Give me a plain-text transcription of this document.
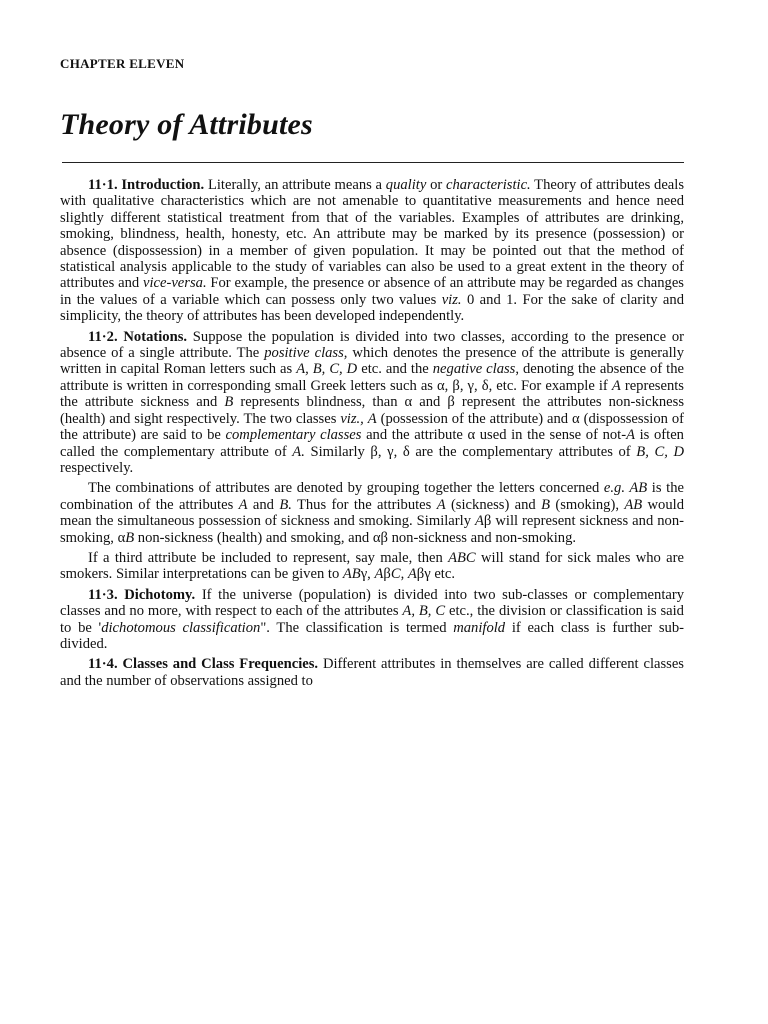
CHAPTER ELEVEN
Theory of Attributes

11·1. Introduction. Literally, an attribute means a quality or characteristic. Theory of attributes deals with qualitative characteristics which are not amenable to quantitative measurements and hence need slightly different statistical treatment from that of the variables. Examples of attributes are drinking, smoking, blindness, health, honesty, etc. An attribute may be marked by its presence (possession) or absence (dispossession) in a member of given population. It may be pointed out that the method of statistical analysis applicable to the study of variables can also be used to a great extent in the theory of attributes and vice-versa. For example, the presence or absence of an attribute may be regarded as changes in the values of a variable which can possess only two values viz. 0 and 1. For the sake of clarity and simplicity, the theory of attributes has been developed independently.

11·2. Notations. Suppose the population is divided into two classes, according to the presence or absence of a single attribute. The positive class, which denotes the presence of the attribute is generally written in capital Roman letters such as A, B, C, D etc. and the negative class, denoting the absence of the attribute is written in corresponding small Greek letters such as α, β, γ, δ, etc. For example if A represents the attribute sickness and B represents blindness, than α and β represent the attributes non-sickness (health) and sight respectively. The two classes viz., A (possession of the attribute) and α (dispossession of the attribute) are said to be complementary classes and the attribute α used in the sense of not-A is often called the complementary attribute of A. Similarly β, γ, δ are the complementary attributes of B, C, D respectively.

The combinations of attributes are denoted by grouping together the letters concerned e.g. AB is the combination of the attributes A and B. Thus for the attributes A (sickness) and B (smoking), AB would mean the simultaneous possession of sickness and smoking. Similarly Aβ will represent sickness and non-smoking, αB non-sickness (health) and smoking, and αβ non-sickness and non-smoking.

If a third attribute be included to represent, say male, then ABC will stand for sick males who are smokers. Similar interpretations can be given to ABγ, AβC, Aβγ etc.

11·3. Dichotomy. If the universe (population) is divided into two sub-classes or complementary classes and no more, with respect to each of the attributes A, B, C etc., the division or classification is said to be 'dichotomous classification". The classification is termed manifold if each class is further sub-divided.

11·4. Classes and Class Frequencies. Different attributes in themselves are called different classes and the number of observations assigned to
